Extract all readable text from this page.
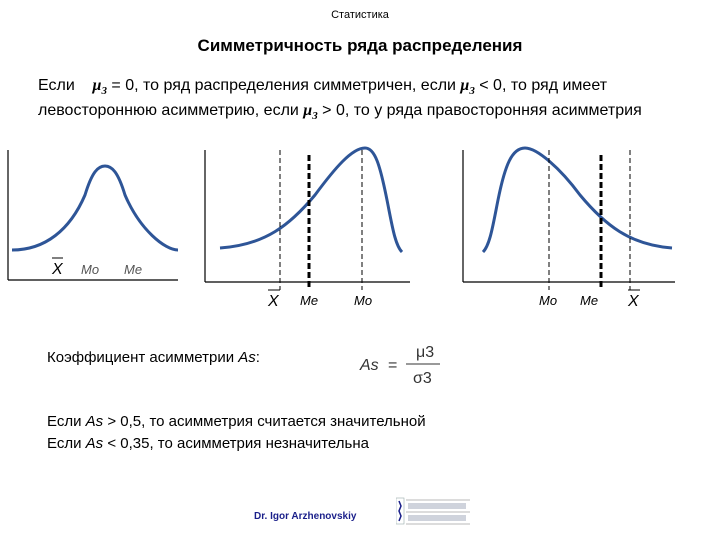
Статистика
Симметричность ряда распределения
Если $\mu_3 = 0$, то ряд распределения симметричен, если $\mu_3 < 0$, то ряд имеет левостороннюю асимметрию, если $\mu_3 > 0$, то у ряда правосторонняя асимметрия
X Mo Me
X Me	Mo	Mo Me X
Коэффициент асимметрии As:	As =
μ3
σ3
Если As > 0,5, то асимметрия считается значительной
Если As < 0,35, то асимметрия незначительна
Dr. Igor Arzhenovskiy
